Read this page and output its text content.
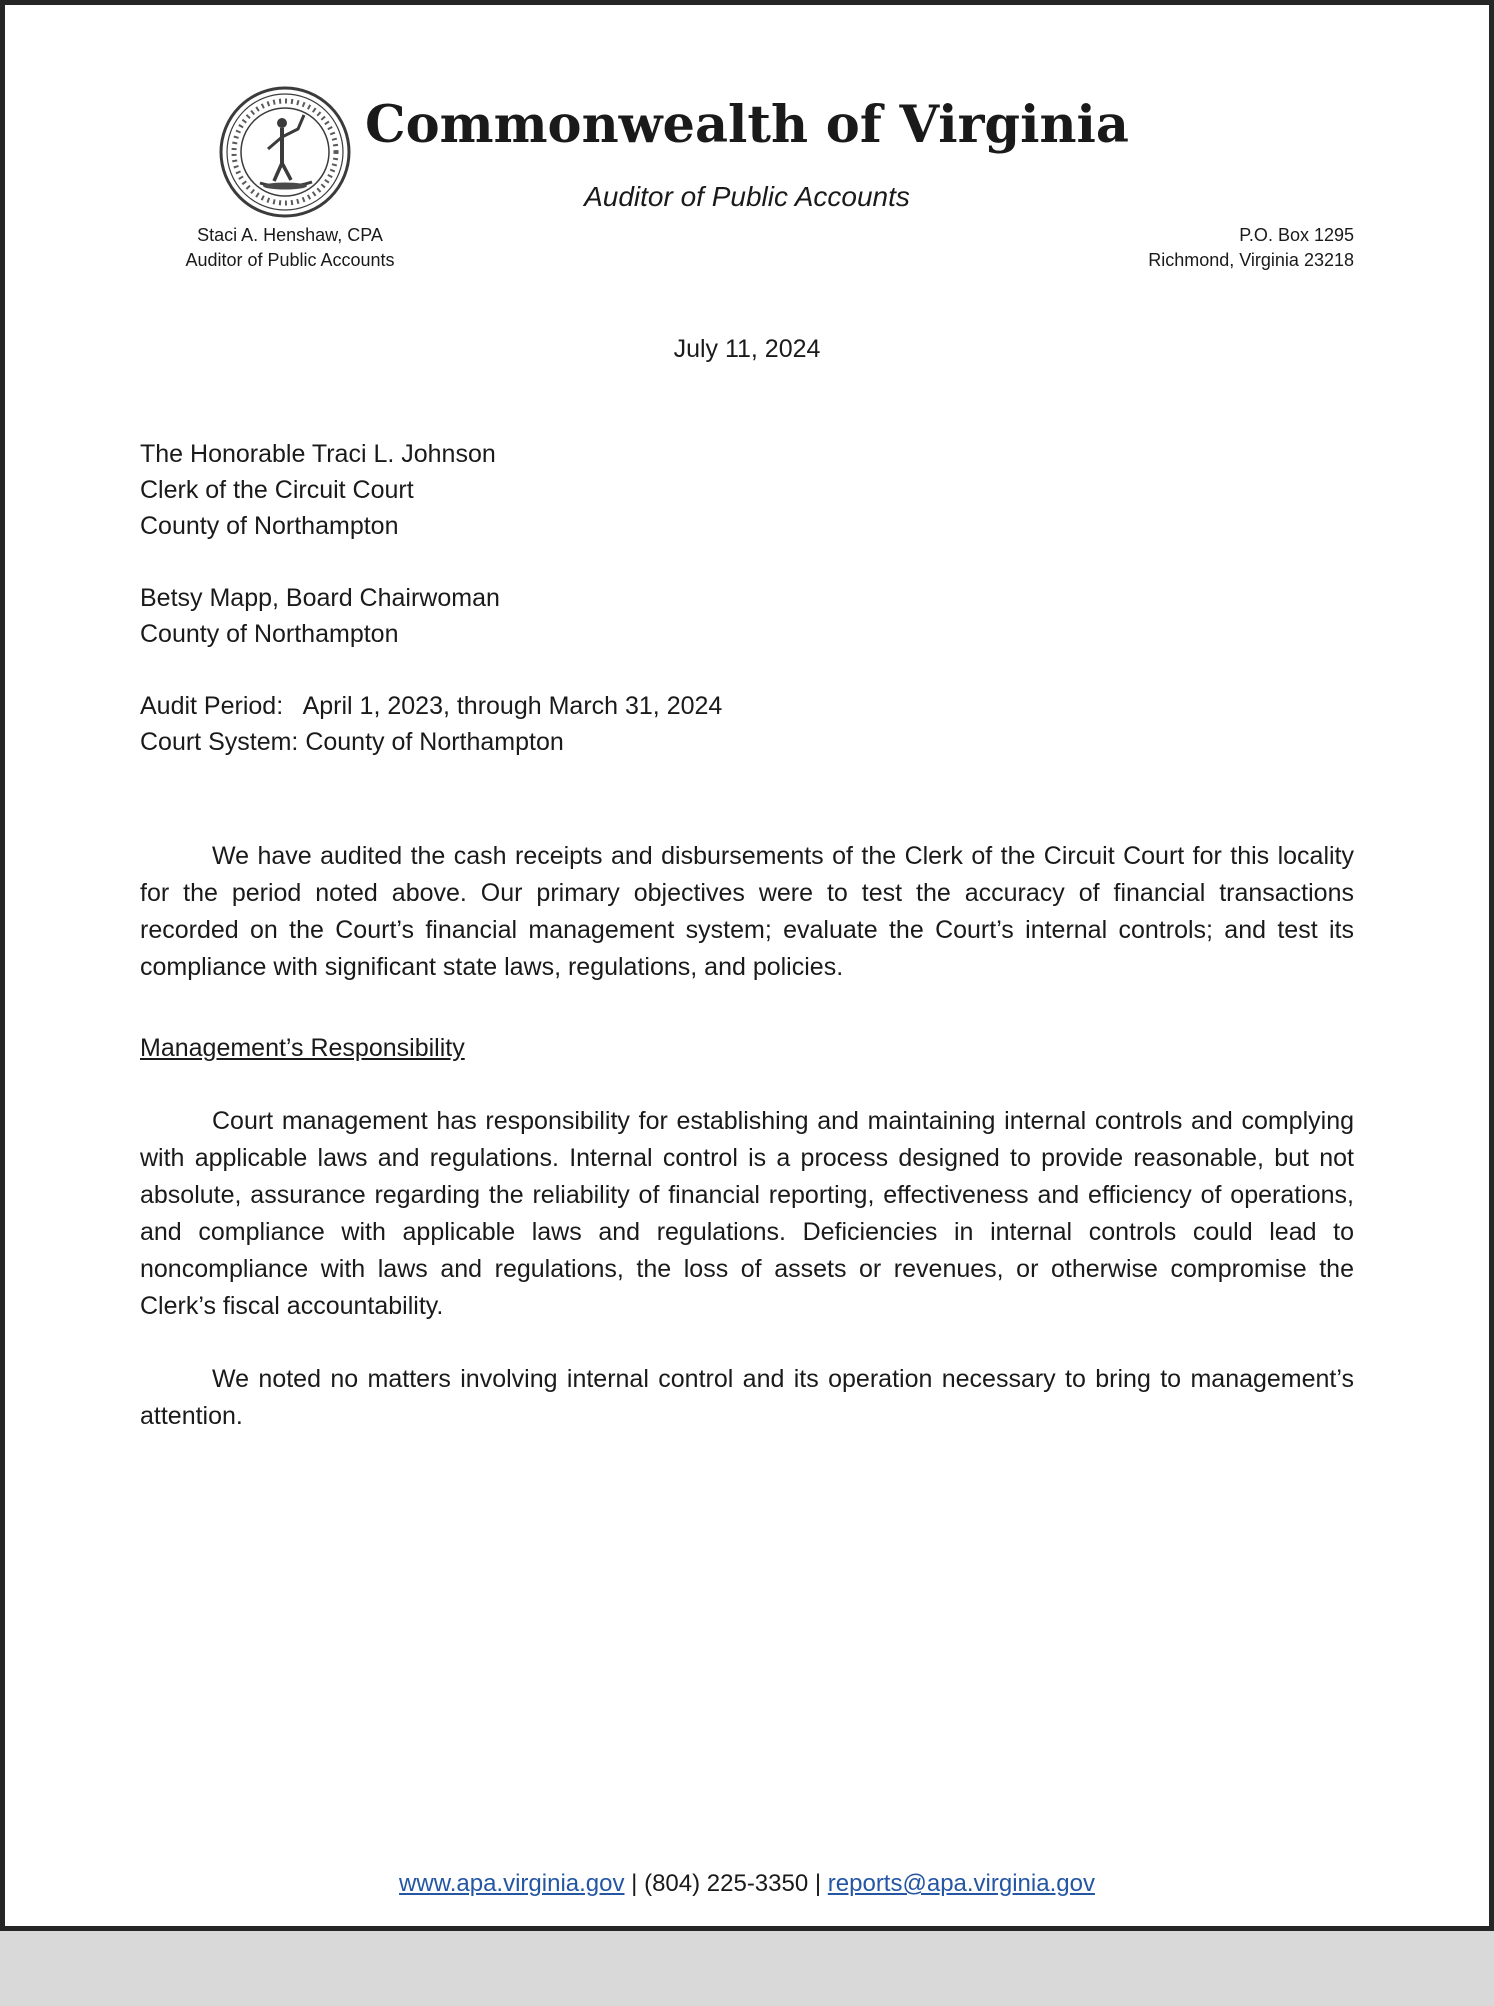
Commonwealth of Virginia
Auditor of Public Accounts
Staci A. Henshaw, CPA
Auditor of Public Accounts
P.O. Box 1295
Richmond, Virginia 23218
July 11, 2024
The Honorable Traci L. Johnson
Clerk of the Circuit Court
County of Northampton
Betsy Mapp, Board Chairwoman
County of Northampton
Audit Period:   April 1, 2023, through March 31, 2024
Court System: County of Northampton

We have audited the cash receipts and disbursements of the Clerk of the Circuit Court for this locality for the period noted above. Our primary objectives were to test the accuracy of financial transactions recorded on the Court’s financial management system; evaluate the Court’s internal controls; and test its compliance with significant state laws, regulations, and policies.

Management’s Responsibility

Court management has responsibility for establishing and maintaining internal controls and complying with applicable laws and regulations. Internal control is a process designed to provide reasonable, but not absolute, assurance regarding the reliability of financial reporting, effectiveness and efficiency of operations, and compliance with applicable laws and regulations. Deficiencies in internal controls could lead to noncompliance with laws and regulations, the loss of assets or revenues, or otherwise compromise the Clerk’s fiscal accountability.

We noted no matters involving internal control and its operation necessary to bring to management’s attention.

www.apa.virginia.gov | (804) 225-3350 | reports@apa.virginia.gov
